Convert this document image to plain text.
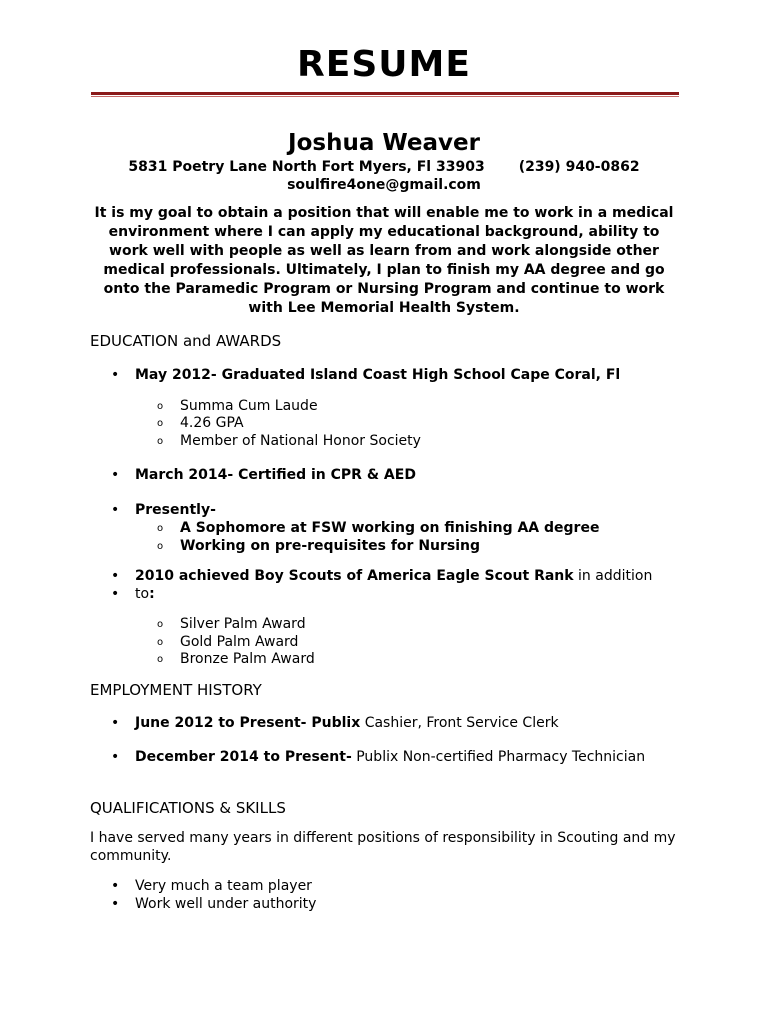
RESUME
Joshua Weaver
5831 Poetry Lane North Fort Myers, Fl 33903 (239) 940-0862
soulfire4one@gmail.com
It is my goal to obtain a position that will enable me to work in a medical environment where I can apply my educational background, ability to work well with people as well as learn from and work alongside other medical professionals. Ultimately, I plan to finish my AA degree and go onto the Paramedic Program or Nursing Program and continue to work with Lee Memorial Health System.
EDUCATION and AWARDS
May 2012- Graduated Island Coast High School Cape Coral, Fl
Summa Cum Laude
4.26 GPA
Member of National Honor Society
March 2014- Certified in CPR & AED
Presently-
A Sophomore at FSW working on finishing AA degree
Working on pre-requisites for Nursing
2010 achieved Boy Scouts of America Eagle Scout Rank in addition
to:
Silver Palm Award
Gold Palm Award
Bronze Palm Award
EMPLOYMENT HISTORY
June 2012 to Present- Publix Cashier, Front Service Clerk
December 2014 to Present- Publix Non-certified Pharmacy Technician
QUALIFICATIONS & SKILLS
I have served many years in different positions of responsibility in Scouting and my community.
Very much a team player
Work well under authority
